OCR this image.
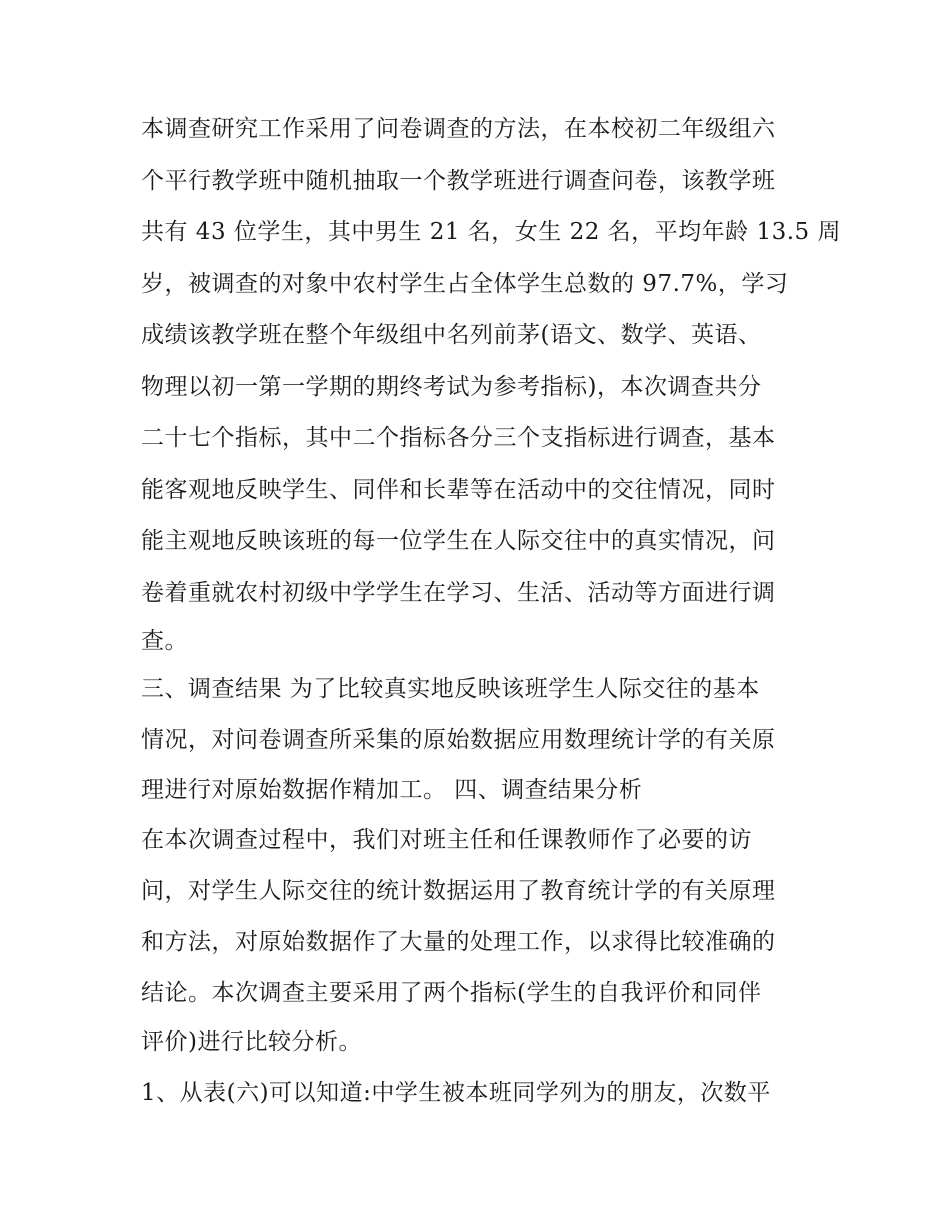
本调查研究工作采用了问卷调查的方法，在本校初二年级组六

个平行教学班中随机抽取一个教学班进行调查问卷，该教学班

共有 43 位学生，其中男生 21 名，女生 22 名，平均年龄 13.5 周

岁，被调查的对象中农村学生占全体学生总数的 97.7%，学习

成绩该教学班在整个年级组中名列前茅(语文、数学、英语、

物理以初一第一学期的期终考试为参考指标)，本次调查共分

二十七个指标，其中二个指标各分三个支指标进行调查，基本

能客观地反映学生、同伴和长辈等在活动中的交往情况，同时

能主观地反映该班的每一位学生在人际交往中的真实情况，问

卷着重就农村初级中学学生在学习、生活、活动等方面进行调

查。

三、调查结果 为了比较真实地反映该班学生人际交往的基本

情况，对问卷调查所采集的原始数据应用数理统计学的有关原

理进行对原始数据作精加工。 四、调查结果分析

在本次调查过程中，我们对班主任和任课教师作了必要的访

问，对学生人际交往的统计数据运用了教育统计学的有关原理

和方法，对原始数据作了大量的处理工作，以求得比较准确的

结论。本次调查主要采用了两个指标(学生的自我评价和同伴

评价)进行比较分析。

1、从表(六)可以知道:中学生被本班同学列为的朋友，次数平
